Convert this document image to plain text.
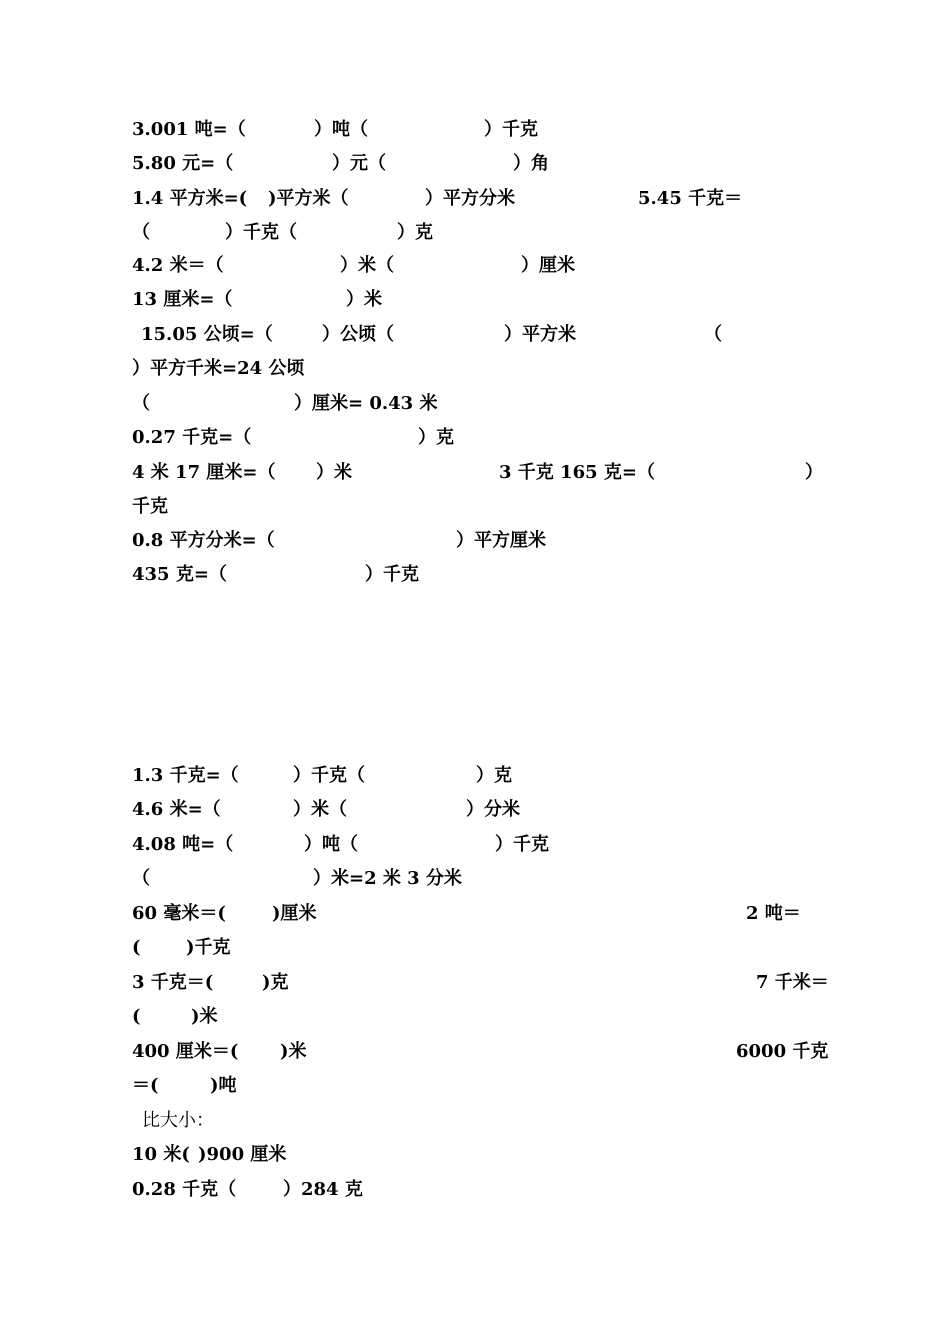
3.001 吨=（

	）吨（

	）千克

5.80 元=（

	）元（

	）角

1.4 平方米=(

)平方米（

	）平方分米

	5.45 千克＝

（

	）千克（

	）克

4.2 米＝（

	）米（

	）厘米

13 厘米=（

	）米

15.05 公顷=（

	）公顷（

	）平方米

	（

）平方千米=24 公顷

（

	）厘米= 0.43 米

0.27 千克=（

	）克

4 米 17 厘米=（

）米

	3 千克 165 克=（

	）

千克

0.8 平方分米=（

	）平方厘米

435 克=（

	）千克

1.3 千克=（

	）千克（

	）克

4.6 米=（

	）米（

	）分米

4.08 吨=（

	）吨（

	）千克

（

	）米=2 米 3 分米

60 毫米＝(

	)厘米

	2 吨＝

(

	)千克

3 千克＝(

	)克

	7 千米＝

(

	)米

400 厘米＝(

)米

	6000 千克

＝(

	)吨

比大小：

10 米(

)900 厘米

0.28 千克（

	）284 克
